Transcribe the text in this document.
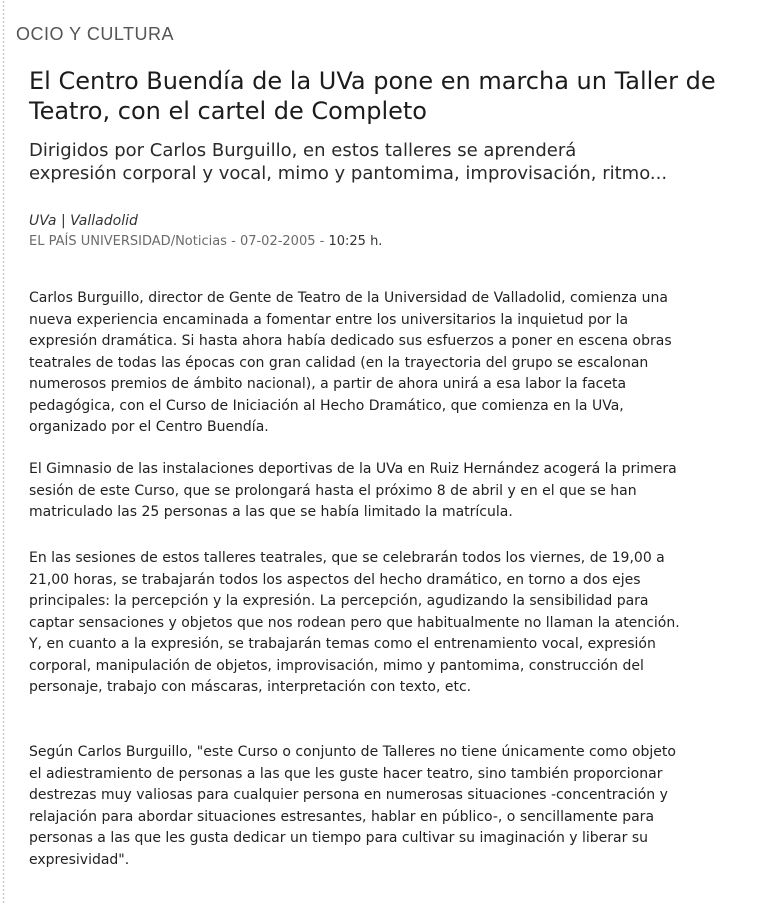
OCIO Y CULTURA
El Centro Buendía de la UVa pone en marcha un Taller de Teatro, con el cartel de Completo

Dirigidos por Carlos Burguillo, en estos talleres se aprenderá expresión corporal y vocal, mimo y pantomima, improvisación, ritmo...

UVa | Valladolid
EL PAÍS UNIVERSIDAD/Noticias - 07-02-2005 - 10:25 h.

Carlos Burguillo, director de Gente de Teatro de la Universidad de Valladolid, comienza una nueva experiencia encaminada a fomentar entre los universitarios la inquietud por la expresión dramática. Si hasta ahora había dedicado sus esfuerzos a poner en escena obras teatrales de todas las épocas con gran calidad (en la trayectoria del grupo se escalonan numerosos premios de ámbito nacional), a partir de ahora unirá a esa labor la faceta pedagógica, con el Curso de Iniciación al Hecho Dramático, que comienza en la UVa, organizado por el Centro Buendía.

El Gimnasio de las instalaciones deportivas de la UVa en Ruiz Hernández acogerá la primera sesión de este Curso, que se prolongará hasta el próximo 8 de abril y en el que se han matriculado las 25 personas a las que se había limitado la matrícula.

En las sesiones de estos talleres teatrales, que se celebrarán todos los viernes, de 19,00 a 21,00 horas, se trabajarán todos los aspectos del hecho dramático, en torno a dos ejes principales: la percepción y la expresión. La percepción, agudizando la sensibilidad para captar sensaciones y objetos que nos rodean pero que habitualmente no llaman la atención. Y, en cuanto a la expresión, se trabajarán temas como el entrenamiento vocal, expresión corporal, manipulación de objetos, improvisación, mimo y pantomima, construcción del personaje, trabajo con máscaras, interpretación con texto, etc.

Según Carlos Burguillo, "este Curso o conjunto de Talleres no tiene únicamente como objeto el adiestramiento de personas a las que les guste hacer teatro, sino también proporcionar destrezas muy valiosas para cualquier persona en numerosas situaciones -concentración y relajación para abordar situaciones estresantes, hablar en público-, o sencillamente para personas a las que les gusta dedicar un tiempo para cultivar su imaginación y liberar su expresividad".
